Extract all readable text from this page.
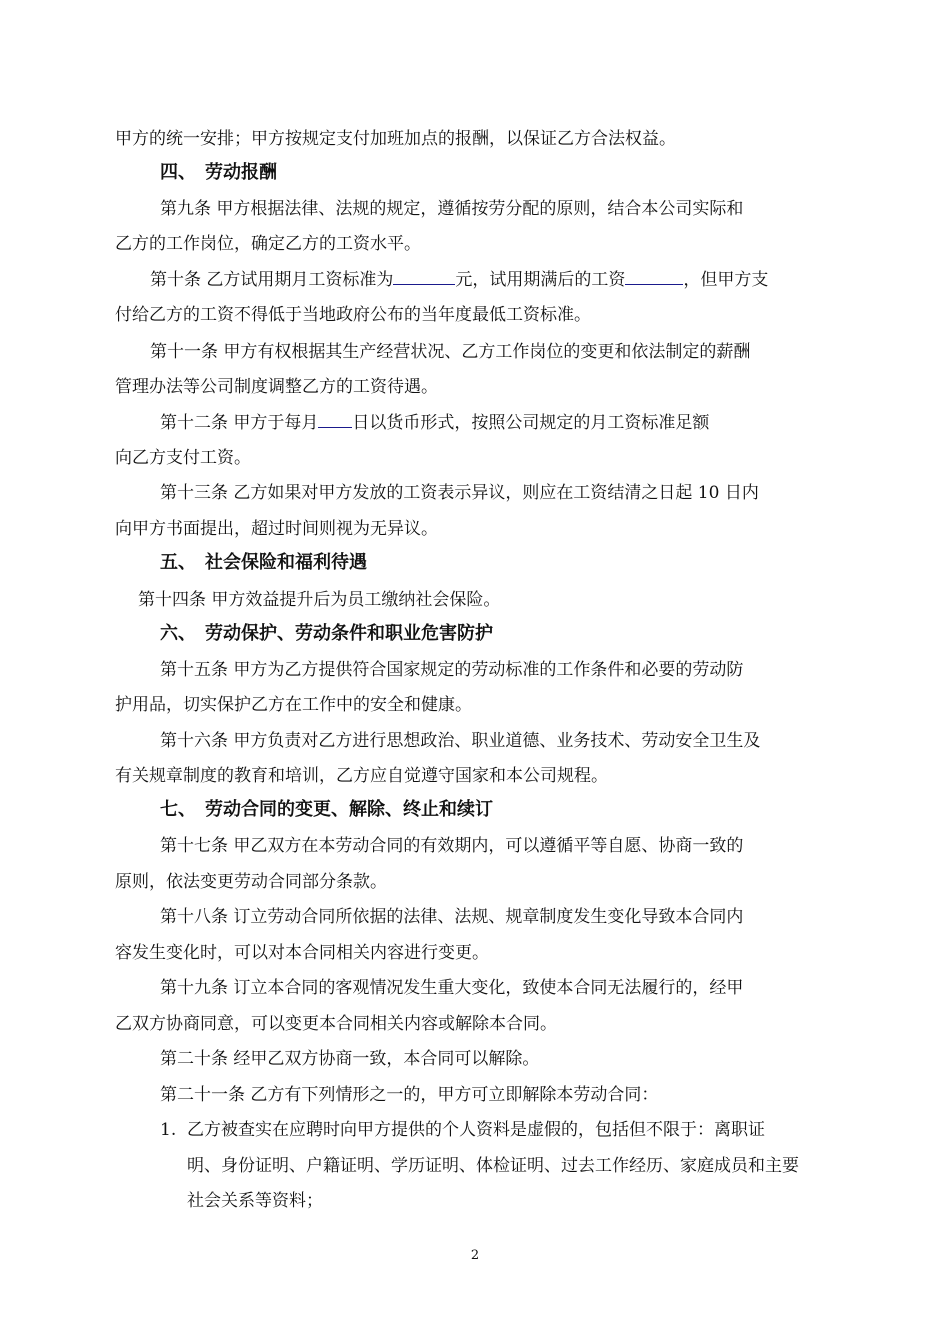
甲方的统一安排；甲方按规定支付加班加点的报酬，以保证乙方合法权益。
四、　劳动报酬
第九条 甲方根据法律、法规的规定，遵循按劳分配的原则，结合本公司实际和
乙方的工作岗位，确定乙方的工资水平。
第十条 乙方试用期月工资标准为	元，试用期满后的工资	，但甲方支
付给乙方的工资不得低于当地政府公布的当年度最低工资标准。
第十一条 甲方有权根据其生产经营状况、乙方工作岗位的变更和依法制定的薪酬
管理办法等公司制度调整乙方的工资待遇。
第十二条 甲方于每月 日以货币形式，按照公司规定的月工资标准足额
向乙方支付工资。
第十三条 乙方如果对甲方发放的工资表示异议，则应在工资结清之日起 10 日内
向甲方书面提出，超过时间则视为无异议。
五、　社会保险和福利待遇
第十四条 甲方效益提升后为员工缴纳社会保险。
六、　劳动保护、劳动条件和职业危害防护
第十五条 甲方为乙方提供符合国家规定的劳动标准的工作条件和必要的劳动防
护用品，切实保护乙方在工作中的安全和健康。
第十六条 甲方负责对乙方进行思想政治、职业道德、业务技术、劳动安全卫生及
有关规章制度的教育和培训，乙方应自觉遵守国家和本公司规程。
七、　劳动合同的变更、解除、终止和续订
第十七条 甲乙双方在本劳动合同的有效期内，可以遵循平等自愿、协商一致的
原则，依法变更劳动合同部分条款。
第十八条 订立劳动合同所依据的法律、法规、规章制度发生变化导致本合同内
容发生变化时，可以对本合同相关内容进行变更。
第十九条 订立本合同的客观情况发生重大变化，致使本合同无法履行的，经甲
乙双方协商同意，可以变更本合同相关内容或解除本合同。
第二十条 经甲乙双方协商一致，本合同可以解除。
第二十一条 乙方有下列情形之一的，甲方可立即解除本劳动合同：
1. 乙方被查实在应聘时向甲方提供的个人资料是虚假的，包括但不限于：离职证
明、身份证明、户籍证明、学历证明、体检证明、过去工作经历、家庭成员和主要
社会关系等资料；
2
